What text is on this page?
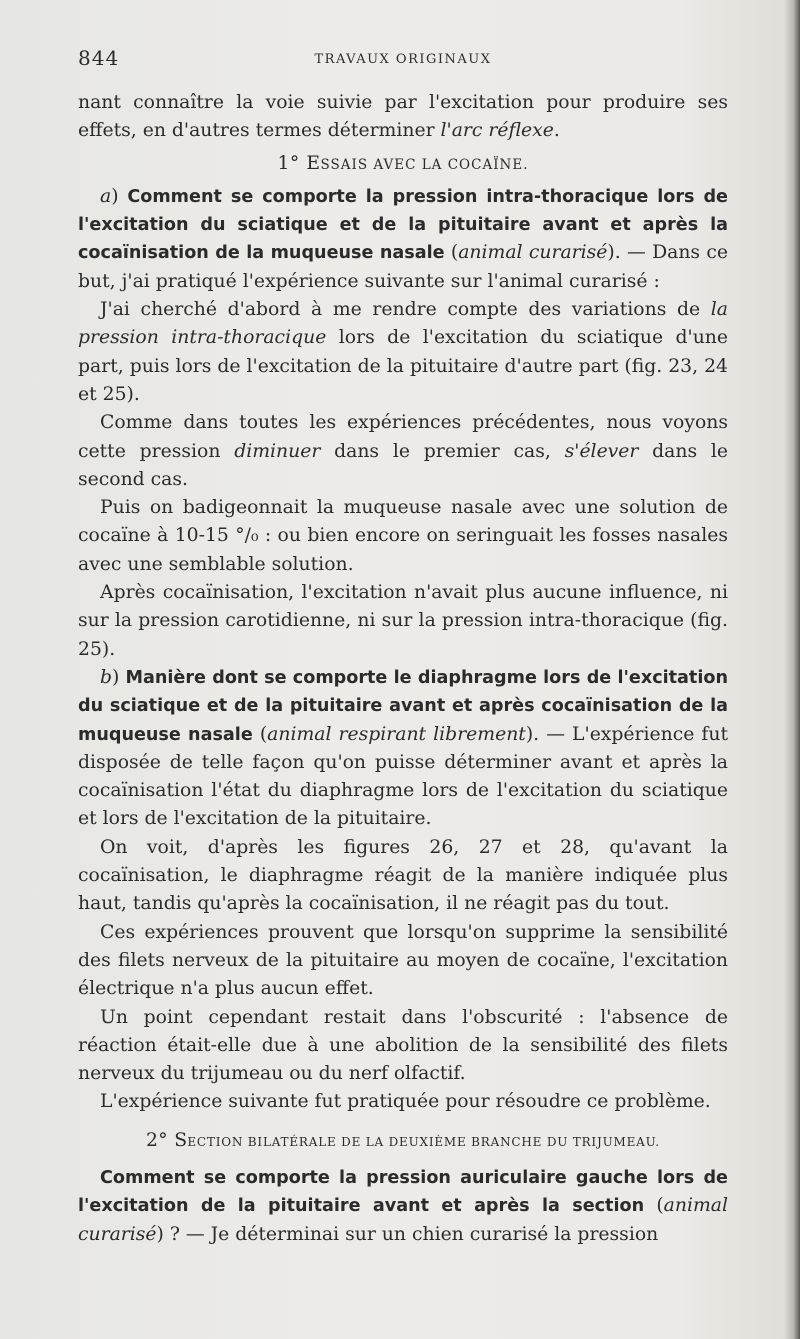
844	TRAVAUX ORIGINAUX

nant connaître la voie suivie par l'excitation pour produire ses effets, en d'autres termes déterminer l'arc réflexe.

1° ESSAIS AVEC LA COCAÏNE.

a) Comment se comporte la pression intra-thoracique lors de l'excitation du sciatique et de la pituitaire avant et après la cocaïnisation de la muqueuse nasale (animal curarisé). — Dans ce but, j'ai pratiqué l'expérience suivante sur l'animal curarisé :

J'ai cherché d'abord à me rendre compte des variations de la pression intra-thoracique lors de l'excitation du sciatique d'une part, puis lors de l'excitation de la pituitaire d'autre part (fig. 23, 24 et 25).

Comme dans toutes les expériences précédentes, nous voyons cette pression diminuer dans le premier cas, s'élever dans le second cas.

Puis on badigeonnait la muqueuse nasale avec une solution de cocaïne à 10-15 °/₀ : ou bien encore on seringuait les fosses nasales avec une semblable solution.

Après cocaïnisation, l'excitation n'avait plus aucune influence, ni sur la pression carotidienne, ni sur la pression intra-thoracique (fig. 25).

b) Manière dont se comporte le diaphragme lors de l'excitation du sciatique et de la pituitaire avant et après cocaïnisation de la muqueuse nasale (animal respirant librement). — L'expérience fut disposée de telle façon qu'on puisse déterminer avant et après la cocaïnisation l'état du diaphragme lors de l'excitation du sciatique et lors de l'excitation de la pituitaire.

On voit, d'après les figures 26, 27 et 28, qu'avant la cocaïnisation, le diaphragme réagit de la manière indiquée plus haut, tandis qu'après la cocaïnisation, il ne réagit pas du tout.

Ces expériences prouvent que lorsqu'on supprime la sensibilité des filets nerveux de la pituitaire au moyen de cocaïne, l'excitation électrique n'a plus aucun effet.

Un point cependant restait dans l'obscurité : l'absence de réaction était-elle due à une abolition de la sensibilité des filets nerveux du trijumeau ou du nerf olfactif.

L'expérience suivante fut pratiquée pour résoudre ce problème.

2° SECTION BILATÉRALE DE LA DEUXIÈME BRANCHE DU TRIJUMEAU.

Comment se comporte la pression auriculaire gauche lors de l'excitation de la pituitaire avant et après la section (animal curarisé) ? — Je déterminai sur un chien curarisé la pression
